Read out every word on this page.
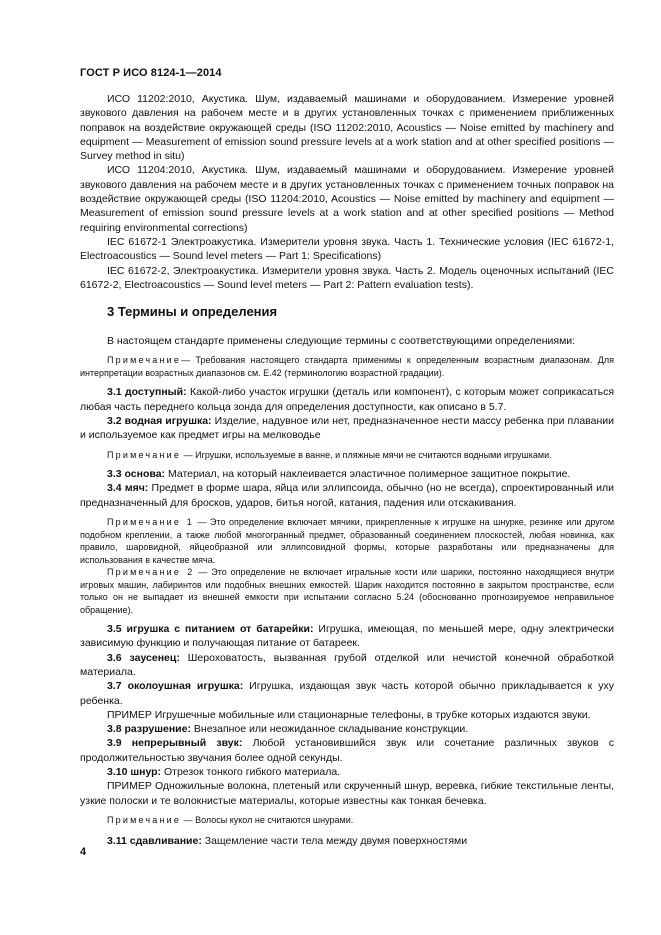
ГОСТ Р ИСО 8124-1—2014

ИСО 11202:2010, Акустика. Шум, издаваемый машинами и оборудованием. Измерение уровней звукового давления на рабочем месте и в других установленных точках с применением приближенных поправок на воздействие окружающей среды (ISO 11202:2010, Acoustics — Noise emitted by machinery and equipment — Measurement of emission sound pressure levels at a work station and at other specified positions — Survey method in situ)

ИСО 11204:2010, Акустика. Шум, издаваемый машинами и оборудованием. Измерение уровней звукового давления на рабочем месте и в других установленных точках с применением точных поправок на воздействие окружающей среды (ISO 11204:2010, Acoustics — Noise emitted by machinery and equipment — Measurement of emission sound pressure levels at a work station and at other specified positions — Method requiring environmental corrections)

IEC 61672-1 Электроакустика. Измерители уровня звука. Часть 1. Технические условия (IEC 61672-1, Electroacoustics — Sound level meters — Part 1: Specifications)

IEC 61672-2, Электроакустика. Измерители уровня звука. Часть 2. Модель оценочных испытаний (IEC 61672-2, Electroacoustics — Sound level meters — Part 2: Pattern evaluation tests).

3 Термины и определения

В настоящем стандарте применены следующие термины с соответствующими определениями:

Примечание— Требования настоящего стандарта применимы к определенным возрастным диапазонам. Для интерпретации возрастных диапазонов см. Е.42 (терминологию возрастной градации).

3.1 доступный: Какой-либо участок игрушки (деталь или компонент), с которым может соприкасаться любая часть переднего кольца зонда для определения доступности, как описано в 5.7.

3.2 водная игрушка: Изделие, надувное или нет, предназначенное нести массу ребенка при плавании и используемое как предмет игры на мелководье

Примечание — Игрушки, используемые в ванне, и пляжные мячи не считаются водными игрушками.

3.3 основа: Материал, на который наклеивается эластичное полимерное защитное покрытие.

3.4 мяч: Предмет в форме шара, яйца или эллипсоида, обычно (но не всегда), спроектированный или предназначенный для бросков, ударов, битья ногой, катания, падения или отскакивания.

Примечание 1 — Это определение включает мячики, прикрепленные к игрушке на шнурке, резинке или другом подобном креплении, а также любой многогранный предмет, образованный соединением плоскостей, любая новинка, как правило, шаровидной, яйцеобразной или эллипсовидной формы, которые разработаны или предназначены для использования в качестве мяча.

Примечание 2 — Это определение не включает игральные кости или шарики, постоянно находящиеся внутри игровых машин, лабиринтов или подобных внешних емкостей. Шарик находится постоянно в закрытом пространстве, если только он не выпадает из внешней емкости при испытании согласно 5.24 (обоснованно прогнозируемое неправильное обращение).

3.5 игрушка с питанием от батарейки: Игрушка, имеющая, по меньшей мере, одну электрически зависимую функцию и получающая питание от батареек.

3.6 заусенец: Шероховатость, вызванная грубой отделкой или нечистой конечной обработкой материала.

3.7 околоушная игрушка: Игрушка, издающая звук часть которой обычно прикладывается к уху ребенка.

ПРИМЕР Игрушечные мобильные или стационарные телефоны, в трубке которых издаются звуки.

3.8 разрушение: Внезапное или неожиданное складывание конструкции.

3.9 непрерывный звук: Любой установившийся звук или сочетание различных звуков с продолжительностью звучания более одной секунды.

3.10 шнур: Отрезок тонкого гибкого материала.

ПРИМЕР Одножильные волокна, плетеный или скрученный шнур, веревка, гибкие текстильные ленты, узкие полоски и те волокнистые материалы, которые известны как тонкая бечевка.

Примечание — Волосы кукол не считаются шнурами.

3.11 сдавливание: Защемление части тела между двумя поверхностями

4
